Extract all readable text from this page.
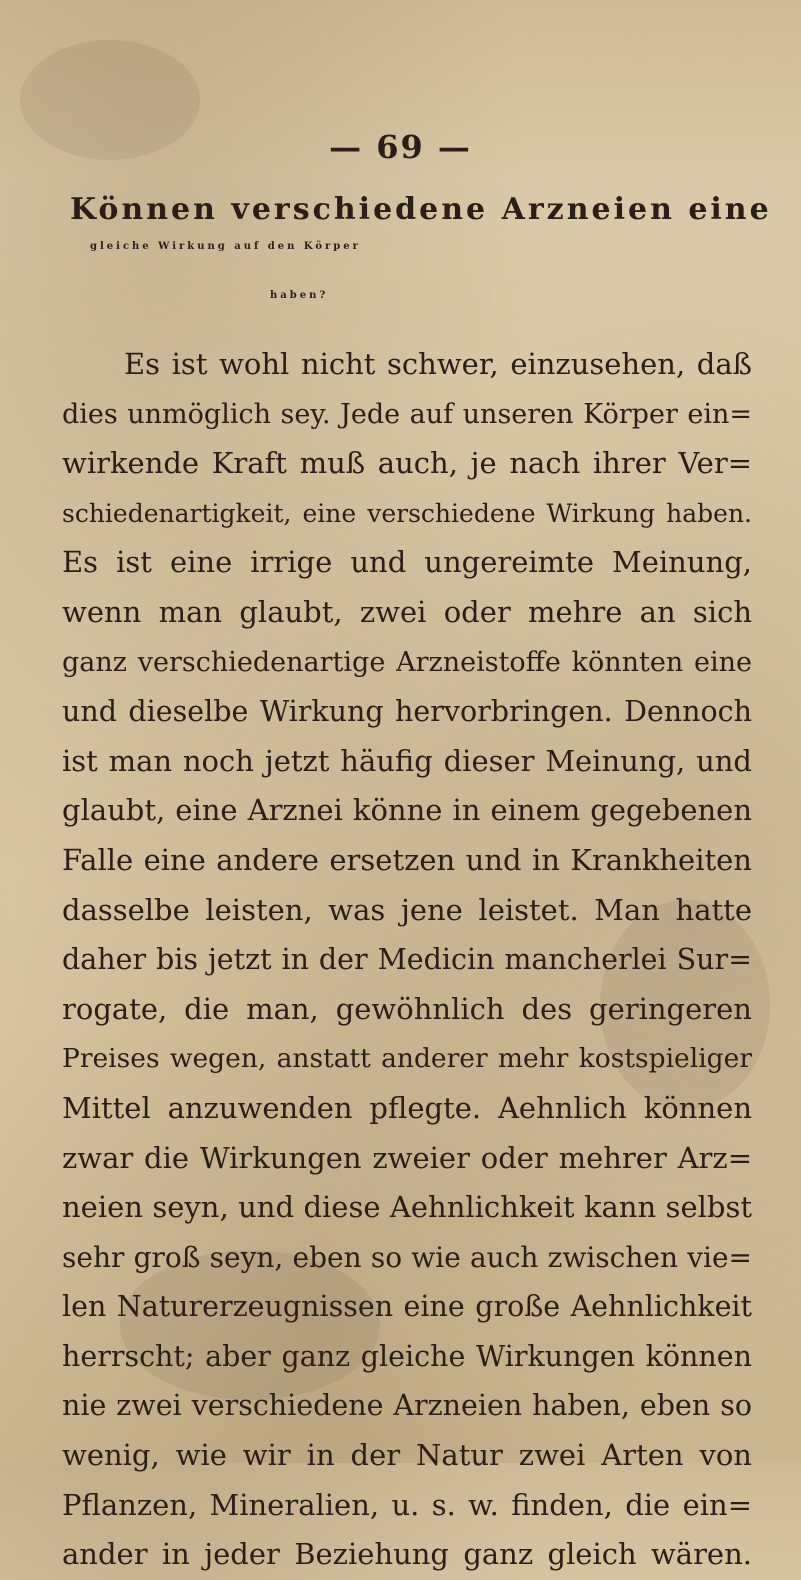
— 69 —
Können verschiedene Arzneien eine
gleiche Wirkung auf den Körper
haben?
Es ist wohl nicht schwer, einzusehen, daß
dies unmöglich sey. Jede auf unseren Körper ein=
wirkende Kraft muß auch, je nach ihrer Ver=
schiedenartigkeit, eine verschiedene Wirkung haben.
Es ist eine irrige und ungereimte Meinung,
wenn man glaubt, zwei oder mehre an sich
ganz verschiedenartige Arzneistoffe könnten eine
und dieselbe Wirkung hervorbringen. Dennoch
ist man noch jetzt häufig dieser Meinung, und
glaubt, eine Arznei könne in einem gegebenen
Falle eine andere ersetzen und in Krankheiten
dasselbe leisten, was jene leistet. Man hatte
daher bis jetzt in der Medicin mancherlei Sur=
rogate, die man, gewöhnlich des geringeren
Preises wegen, anstatt anderer mehr kostspieliger
Mittel anzuwenden pflegte. Aehnlich können
zwar die Wirkungen zweier oder mehrer Arz=
neien seyn, und diese Aehnlichkeit kann selbst
sehr groß seyn, eben so wie auch zwischen vie=
len Naturerzeugnissen eine große Aehnlichkeit
herrscht; aber ganz gleiche Wirkungen können
nie zwei verschiedene Arzneien haben, eben so
wenig, wie wir in der Natur zwei Arten von
Pflanzen, Mineralien, u. s. w. finden, die ein=
ander in jeder Beziehung ganz gleich wären.
